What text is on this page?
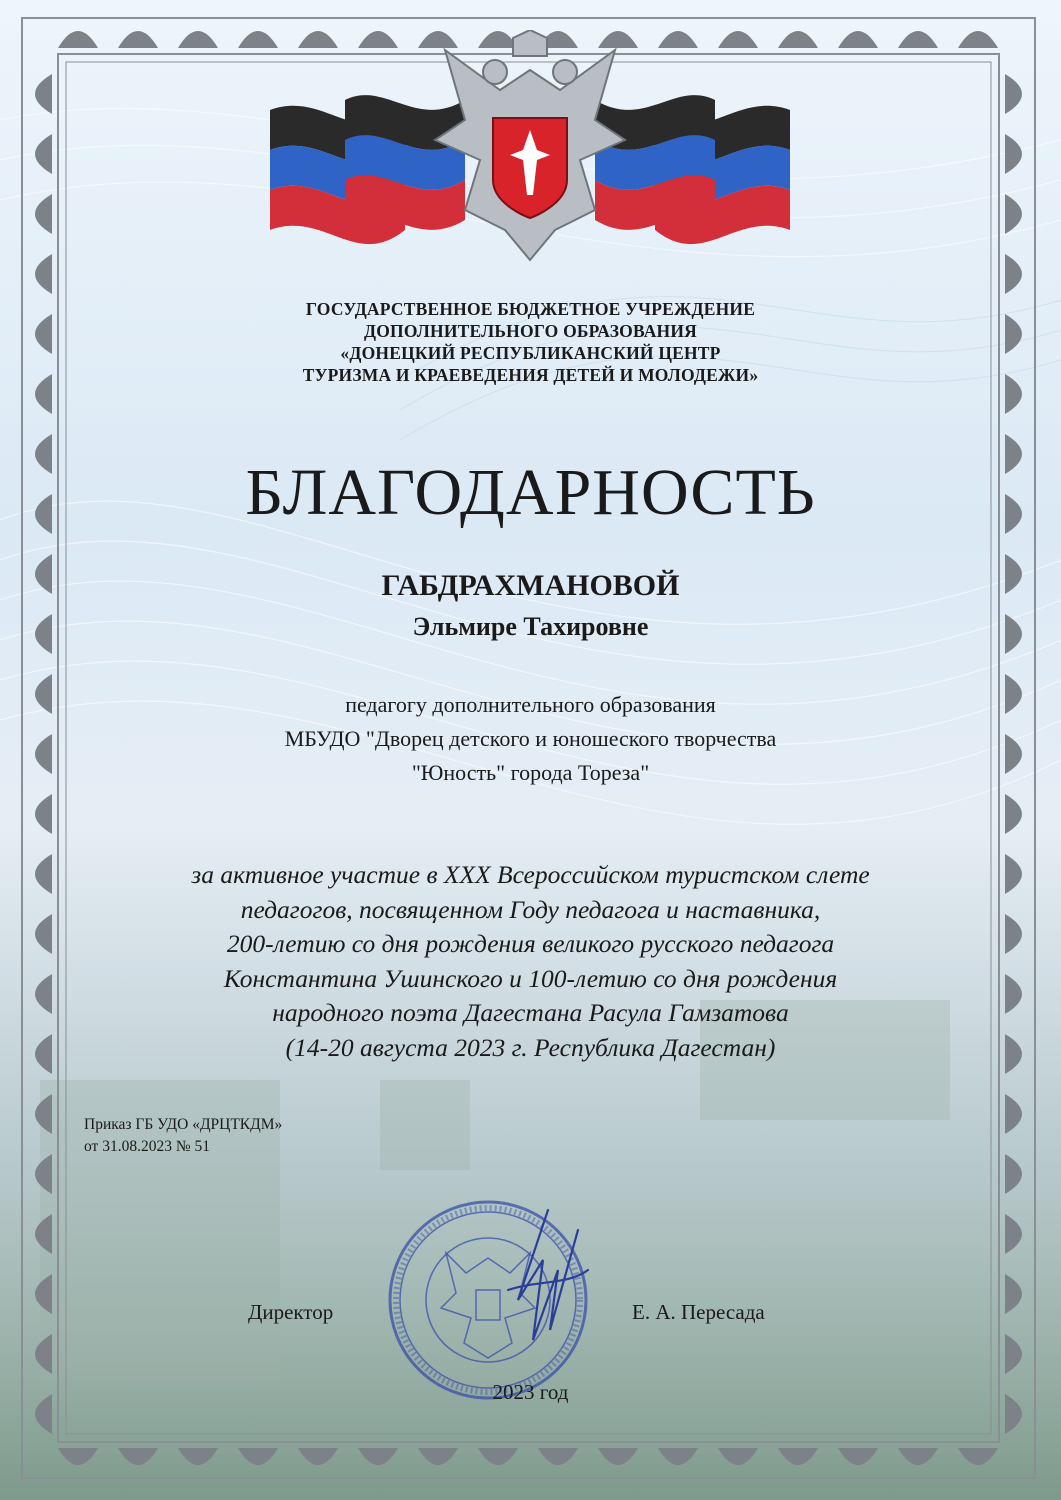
ГОСУДАРСТВЕННОЕ БЮДЖЕТНОЕ УЧРЕЖДЕНИЕ
ДОПОЛНИТЕЛЬНОГО ОБРАЗОВАНИЯ
«ДОНЕЦКИЙ РЕСПУБЛИКАНСКИЙ ЦЕНТР
ТУРИЗМА И КРАЕВЕДЕНИЯ ДЕТЕЙ И МОЛОДЕЖИ»
БЛАГОДАРНОСТЬ
ГАБДРАХМАНОВОЙ
Эльмире Тахировне
педагогу дополнительного образования
МБУДО "Дворец детского и юношеского творчества
"Юность" города Тореза"
за активное участие в XXX Всероссийском туристском слете
педагогов, посвященном Году педагога и наставника,
200-летию со дня рождения великого русского педагога
Константина Ушинского и 100-летию со дня рождения
народного поэта Дагестана Расула Гамзатова
(14-20 августа 2023 г. Республика Дагестан)
Приказ ГБ УДО «ДРЦТКДМ»
от 31.08.2023 № 51
Директор	Е. А. Пересада
2023 год
